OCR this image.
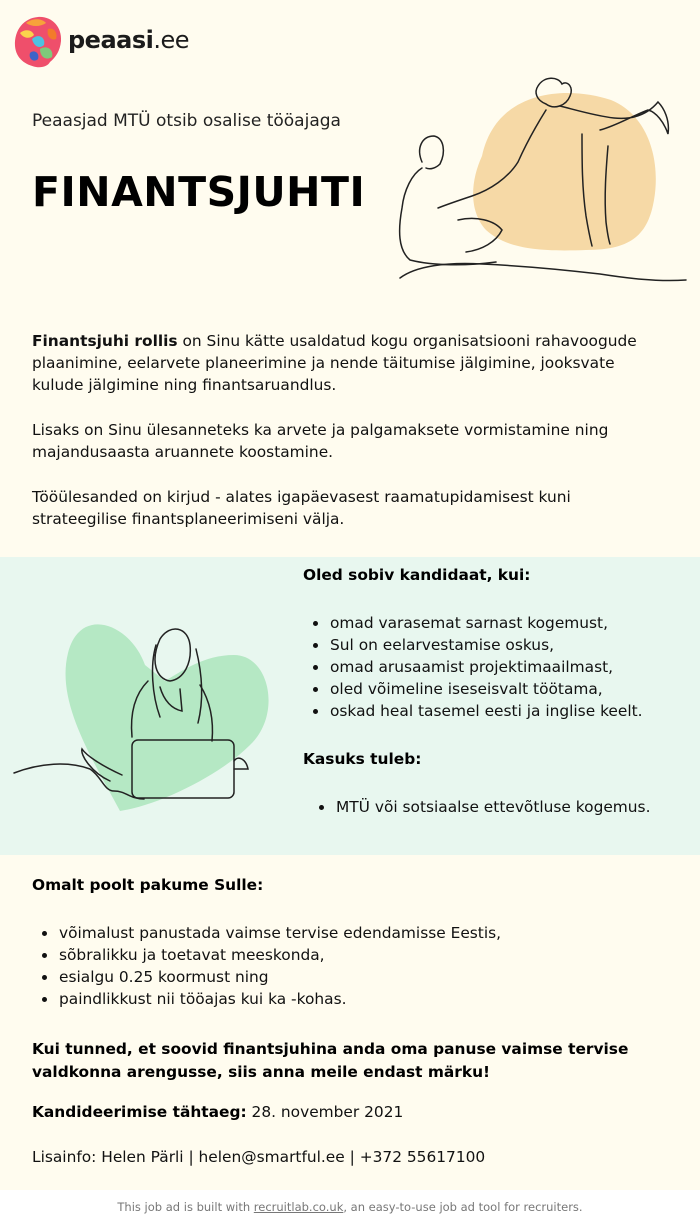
peaasi.ee
Peaasjad MTÜ otsib osalise tööajaga
FINANTSJUHTI
Finantsjuhi rollis on Sinu kätte usaldatud kogu organisatsiooni rahavoogude plaanimine, eelarvete planeerimine ja nende täitumise jälgimine, jooksvate kulude jälgimine ning finantsaruandlus.
Lisaks on Sinu ülesanneteks ka arvete ja palgamaksete vormistamine ning majandusaasta aruannete koostamine.
Tööülesanded on kirjud - alates igapäevasest raamatupidamisest kuni strateegilise finantsplaneerimiseni välja.
Oled sobiv kandidaat, kui:
omad varasemat sarnast kogemust,
Sul on eelarvestamise oskus,
omad arusaamist projektimaailmast,
oled võimeline iseseisvalt töötama,
oskad heal tasemel eesti ja inglise keelt.
Kasuks tuleb:
MTÜ või sotsiaalse ettevõtluse kogemus.
Omalt poolt pakume Sulle:
võimalust panustada vaimse tervise edendamisse Eestis,
sõbralikku ja toetavat meeskonda,
esialgu 0.25 koormust ning
paindlikkust nii tööajas kui ka -kohas.
Kui tunned, et soovid finantsjuhina anda oma panuse vaimse tervise valdkonna arengusse, siis anna meile endast märku!
Kandideerimise tähtaeg: 28. november 2021
Lisainfo: Helen Pärli | helen@smartful.ee | +372 55617100
This job ad is built with recruitlab.co.uk, an easy-to-use job ad tool for recruiters.
